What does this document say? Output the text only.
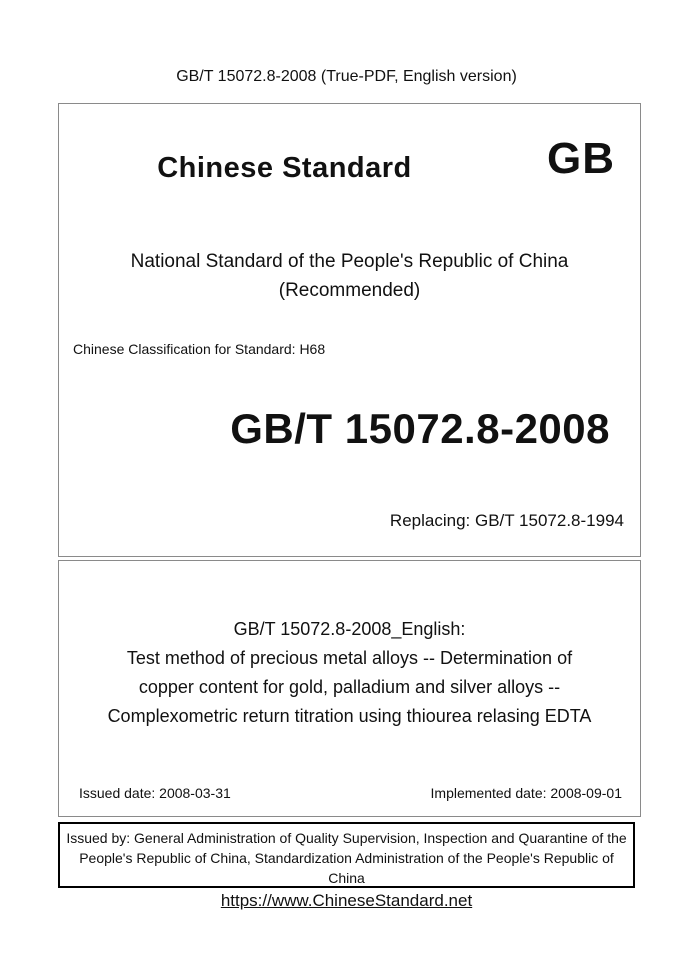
GB/T 15072.8-2008 (True-PDF, English version)
Chinese Standard	GB
National Standard of the People's Republic of China
(Recommended)
Chinese Classification for Standard: H68
GB/T 15072.8-2008
Replacing: GB/T 15072.8-1994
GB/T 15072.8-2008_English:
Test method of precious metal alloys -- Determination of
copper content for gold, palladium and silver alloys --
Complexometric return titration using thiourea relasing EDTA
Issued date: 2008-03-31	Implemented date: 2008-09-01
Issued by: General Administration of Quality Supervision, Inspection and Quarantine of the People's Republic of China, Standardization Administration of the People's Republic of China
https://www.ChineseStandard.net
